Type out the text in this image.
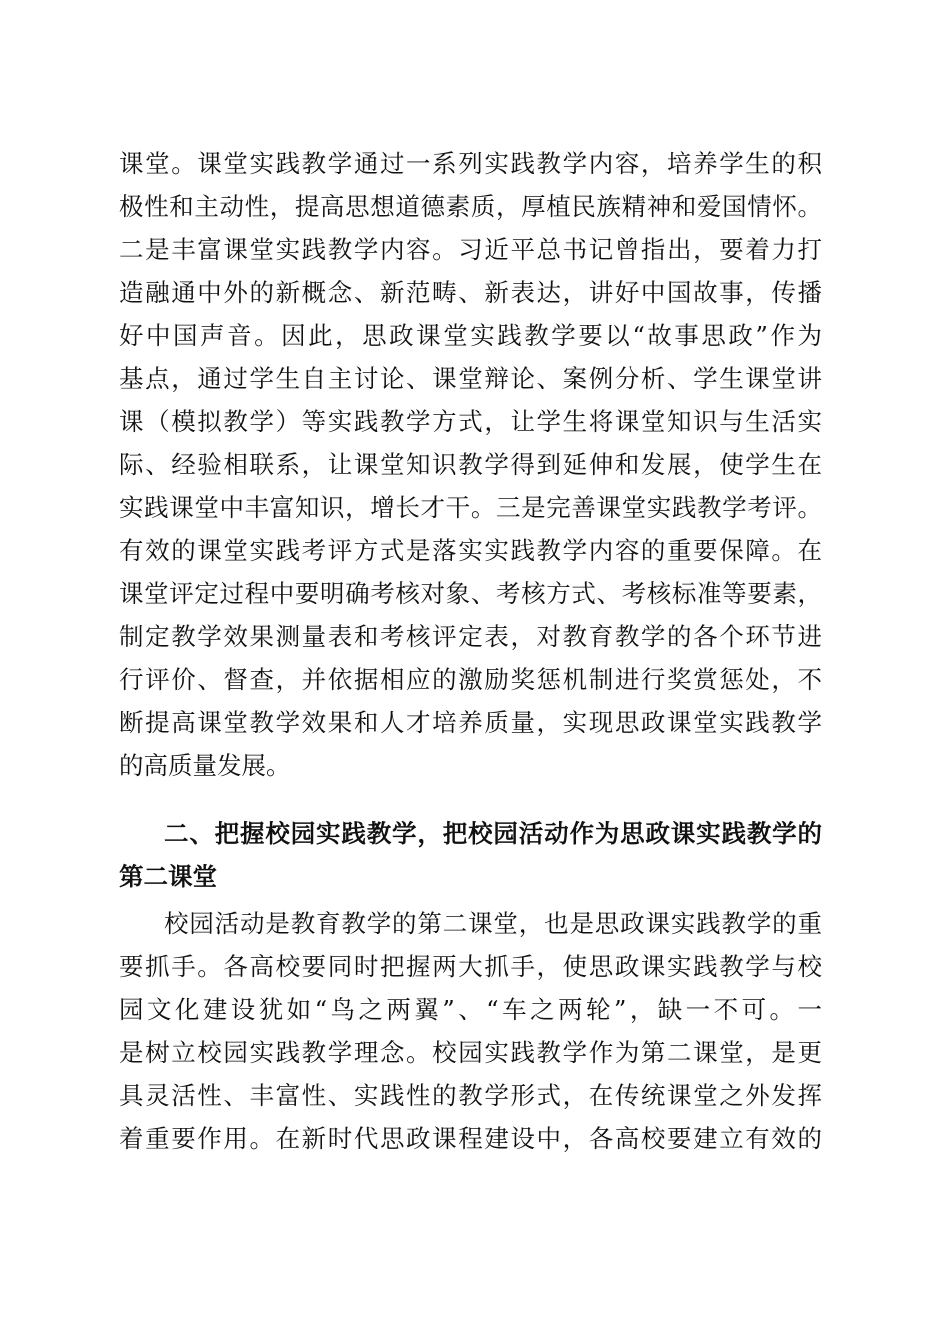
课堂。课堂实践教学通过一系列实践教学内容，培养学生的积
极性和主动性，提高思想道德素质，厚植民族精神和爱国情怀。
二是丰富课堂实践教学内容。习近平总书记曾指出，要着力打
造融通中外的新概念、新范畴、新表达，讲好中国故事，传播
好中国声音。因此，思政课堂实践教学要以“故事思政”作为
基点，通过学生自主讨论、课堂辩论、案例分析、学生课堂讲
课（模拟教学）等实践教学方式，让学生将课堂知识与生活实
际、经验相联系，让课堂知识教学得到延伸和发展，使学生在
实践课堂中丰富知识，增长才干。三是完善课堂实践教学考评。
有效的课堂实践考评方式是落实实践教学内容的重要保障。在
课堂评定过程中要明确考核对象、考核方式、考核标准等要素，
制定教学效果测量表和考核评定表，对教育教学的各个环节进
行评价、督查，并依据相应的激励奖惩机制进行奖赏惩处，不
断提高课堂教学效果和人才培养质量，实现思政课堂实践教学
的高质量发展。
二、把握校园实践教学，把校园活动作为思政课实践教学的
第二课堂
校园活动是教育教学的第二课堂，也是思政课实践教学的重
要抓手。各高校要同时把握两大抓手，使思政课实践教学与校
园文化建设犹如“鸟之两翼”、“车之两轮”，缺一不可。一
是树立校园实践教学理念。校园实践教学作为第二课堂，是更
具灵活性、丰富性、实践性的教学形式，在传统课堂之外发挥
着重要作用。在新时代思政课程建设中，各高校要建立有效的
